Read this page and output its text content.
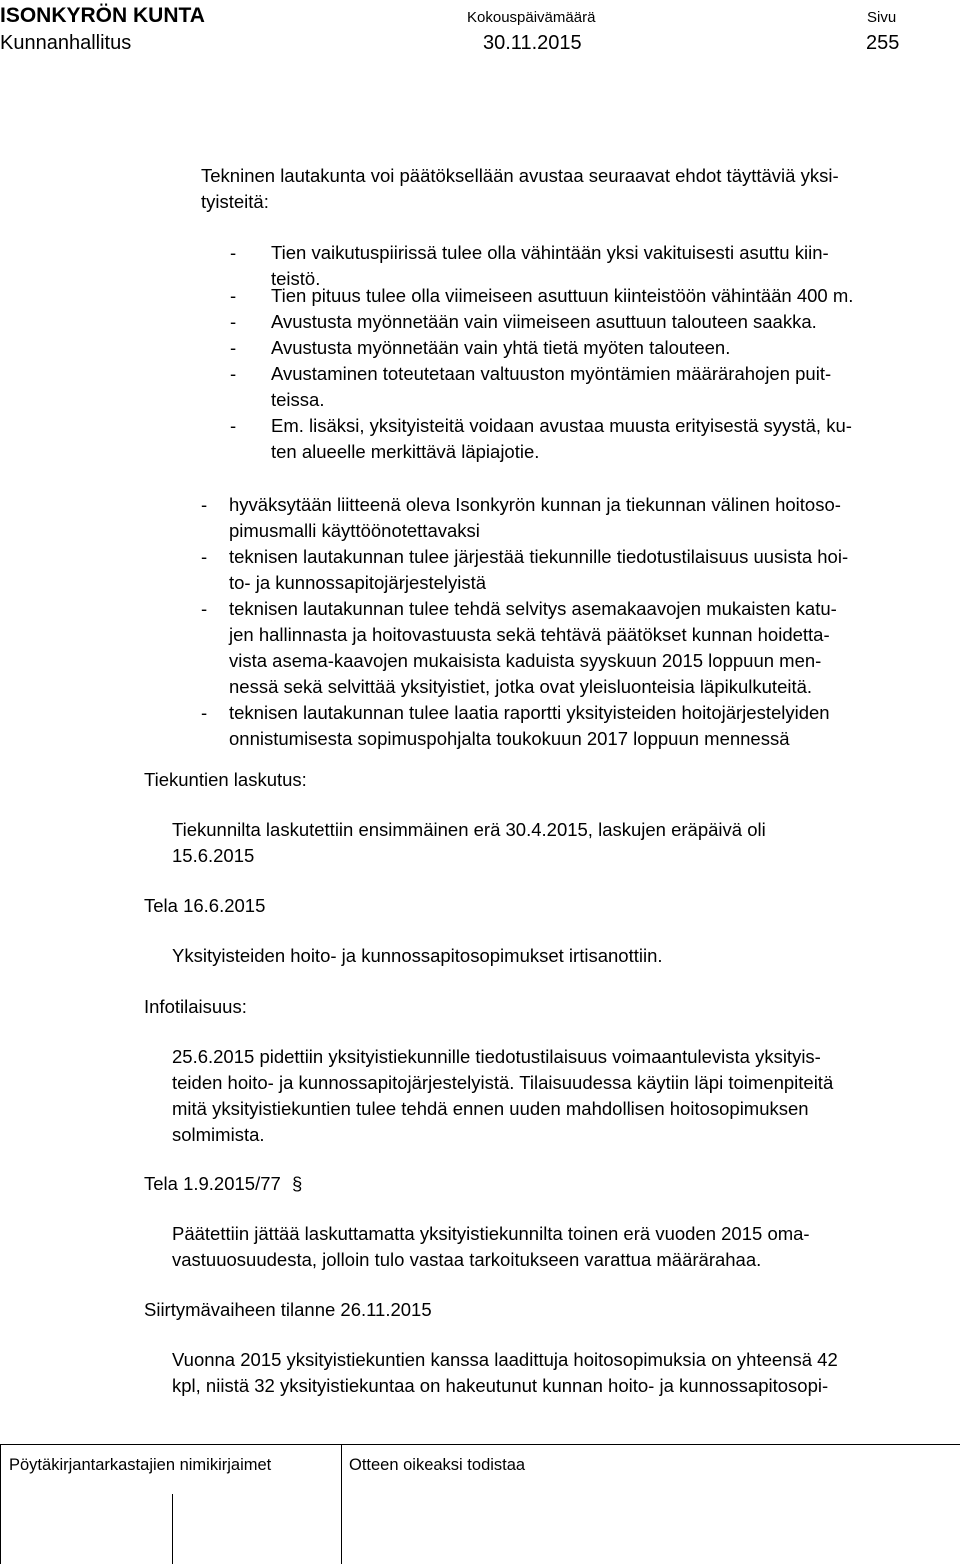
ISONKYRÖN KUNTA
Kunnanhallitus
Kokouspäivämäärä
30.11.2015
Sivu
255
Tekninen lautakunta voi päätöksellään avustaa seuraavat ehdot täyttäviä yksi-
tyisteitä:
- Tien vaikutuspiirissä tulee olla vähintään yksi vakituisesti asuttu kiin-
teistö.
- Tien pituus tulee olla viimeiseen asuttuun kiinteistöön vähintään 400 m.
- Avustusta myönnetään vain viimeiseen asuttuun talouteen saakka.
- Avustusta myönnetään vain yhtä tietä myöten talouteen.
- Avustaminen toteutetaan valtuuston myöntämien määrärahojen puit-
teissa.
- Em. lisäksi, yksityisteitä voidaan avustaa muusta erityisestä syystä, ku-
ten alueelle merkittävä läpiajotie.
- hyväksytään liitteenä oleva Isonkyrön kunnan ja tiekunnan välinen hoitoso-
pimusmalli käyttöönotettavaksi
- teknisen lautakunnan tulee järjestää tiekunnille tiedotustilaisuus uusista hoi-
to- ja kunnossapitojärjestelyistä
- teknisen lautakunnan tulee tehdä selvitys asemakaavojen mukaisten katu-
jen hallinnasta ja hoitovastuusta sekä tehtävä päätökset kunnan hoidetta-
vista asema-kaavojen mukaisista kaduista syyskuun 2015 loppuun men-
nessä sekä selvittää yksityistiet, jotka ovat yleisluonteisia läpikulkuteitä.
- teknisen lautakunnan tulee laatia raportti yksityisteiden hoitojärjestelyiden
onnistumisesta sopimuspohjalta toukokuun 2017 loppuun mennessä
Tiekuntien laskutus:
Tiekunnilta laskutettiin ensimmäinen erä 30.4.2015, laskujen eräpäivä oli
15.6.2015
Tela 16.6.2015
Yksityisteiden hoito- ja kunnossapitosopimukset irtisanottiin.
Infotilaisuus:
25.6.2015 pidettiin yksityistiekunnille tiedotustilaisuus voimaantulevista yksityis-
teiden hoito- ja kunnossapitojärjestelyistä. Tilaisuudessa käytiin läpi toimenpiteitä
mitä yksityistiekuntien tulee tehdä ennen uuden mahdollisen hoitosopimuksen
solmimista.
Tela 1.9.2015/77 §
Päätettiin jättää laskuttamatta yksityistiekunnilta toinen erä vuoden 2015 oma-
vastuuosuudesta, jolloin tulo vastaa tarkoitukseen varattua määrärahaa.
Siirtymävaiheen tilanne 26.11.2015
Vuonna 2015 yksityistiekuntien kanssa laadittuja hoitosopimuksia on yhteensä 42
kpl, niistä 32 yksityistiekuntaa on hakeutunut kunnan hoito- ja kunnossapitosopi-
Pöytäkirjantarkastajien nimikirjaimet	Otteen oikeaksi todistaa
